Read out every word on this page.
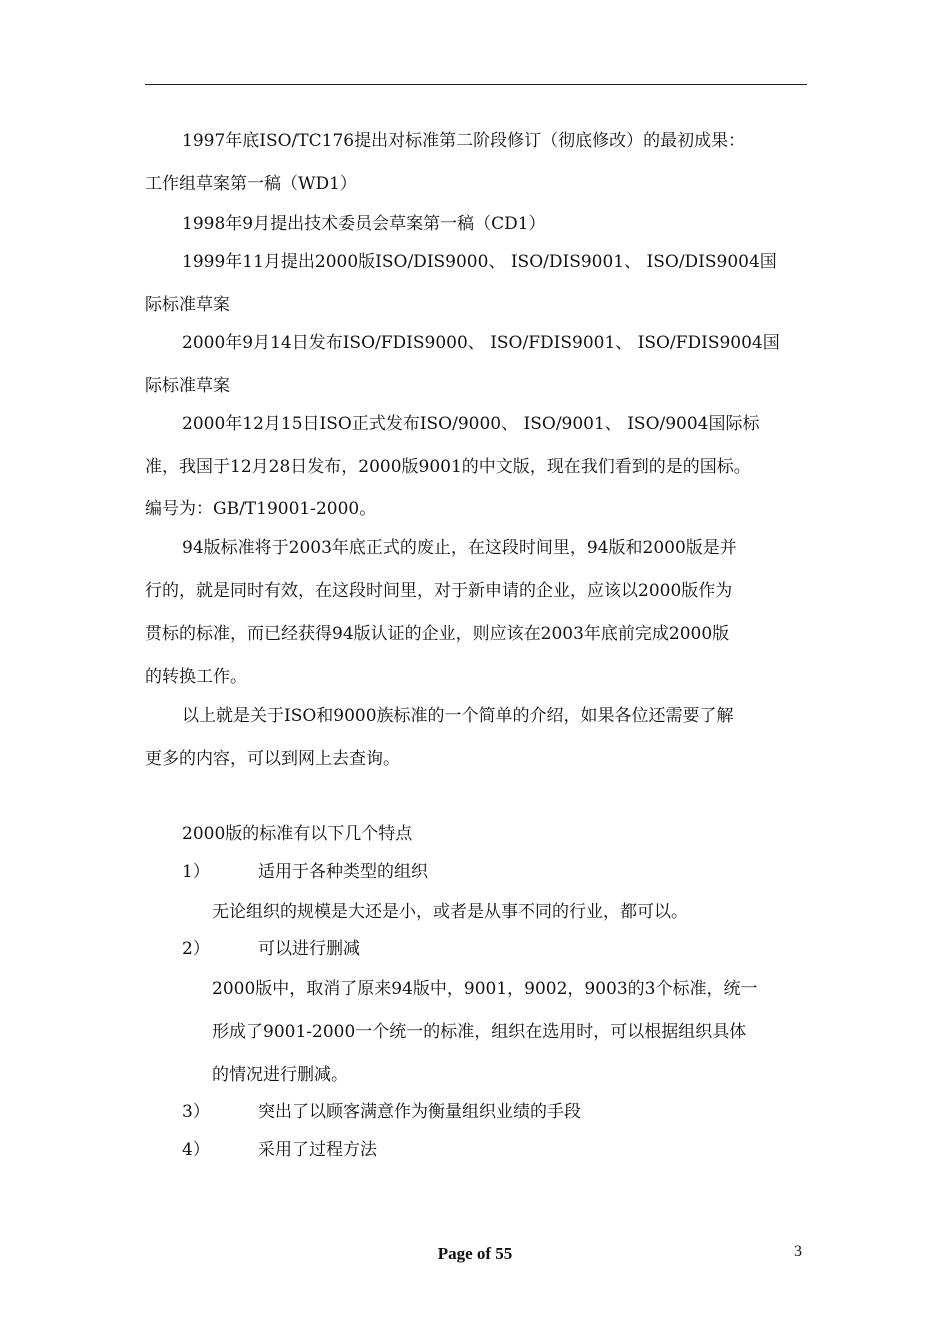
1997年底ISO/TC176提出对标准第二阶段修订（彻底修改）的最初成果：
工作组草案第一稿（WD1）
1998年9月提出技术委员会草案第一稿（CD1）
1999年11月提出2000版ISO/DIS9000、 ISO/DIS9001、 ISO/DIS9004国
际标准草案
2000年9月14日发布ISO/FDIS9000、 ISO/FDIS9001、 ISO/FDIS9004国
际标准草案
2000年12月15日ISO正式发布ISO/9000、 ISO/9001、 ISO/9004国际标
准，我国于12月28日发布，2000版9001的中文版，现在我们看到的是的国标。
编号为：GB/T19001-2000。
94版标准将于2003年底正式的废止，在这段时间里，94版和2000版是并
行的，就是同时有效，在这段时间里，对于新申请的企业，应该以2000版作为
贯标的标准，而已经获得94版认证的企业，则应该在2003年底前完成2000版
的转换工作。
以上就是关于ISO和9000族标准的一个简单的介绍，如果各位还需要了解
更多的内容，可以到网上去查询。
2000版的标准有以下几个特点
1）	适用于各种类型的组织
无论组织的规模是大还是小，或者是从事不同的行业，都可以。
2）	可以进行删减
2000版中，取消了原来94版中，9001，9002，9003的3个标准，统一
形成了9001-2000一个统一的标准，组织在选用时，可以根据组织具体
的情况进行删减。
3）	突出了以顾客满意作为衡量组织业绩的手段
4）	采用了过程方法
Page of 55	3
